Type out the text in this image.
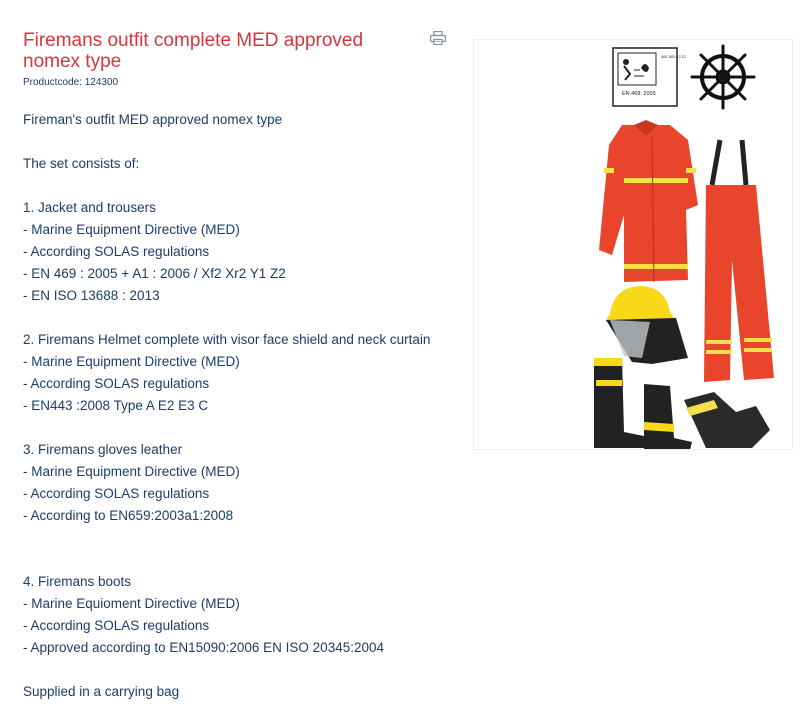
Firemans outfit complete MED approved nomex type
Productcode: 124300
Fireman's outfit MED approved nomex type
The set consists of:
1. Jacket and trousers
- Marine Equipment Directive (MED)
- According SOLAS regulations
- EN 469 : 2005 + A1 : 2006 / Xf2 Xr2 Y1 Z2
- EN ISO 13688 : 2013
2. Firemans Helmet complete with visor face shield and neck curtain
- Marine Equipment Directive (MED)
- According SOLAS regulations
- EN443 :2008 Type A E2 E3 C
3. Firemans gloves leather
- Marine Equipment Directive (MED)
- According SOLAS regulations
- According to EN659:2003a1:2008
4. Firemans boots
- Marine Equioment Directive (MED)
- According SOLAS regulations
- Approved according to EN15090:2006 EN ISO 20345:2004
Supplied in a carrying bag
ABC AB1 Y2 Z2
EN 469: 2005
